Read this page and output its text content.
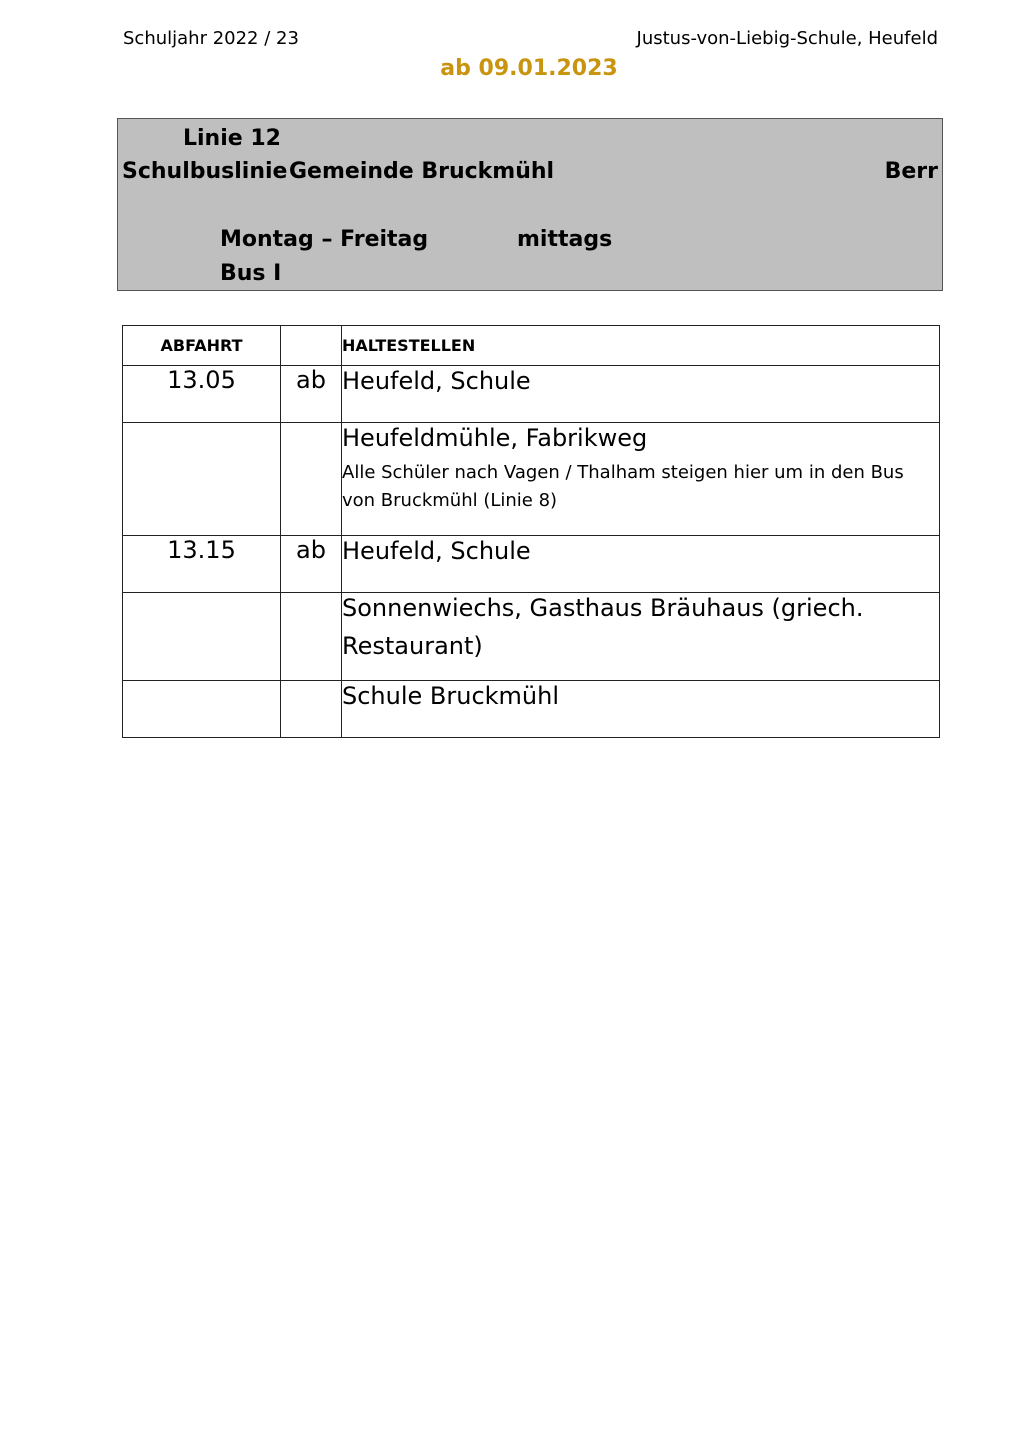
Schuljahr 2022 / 23	Justus-von-Liebig-Schule, Heufeld
ab 09.01.2023
Linie 12
Schulbuslinie Gemeinde Bruckmühl	Berr
Montag – Freitag	mittags
Bus I
ABFAHRT		HALTESTELLEN
13.05	ab	Heufeld, Schule

		Heufeldmühle, Fabrikweg
Alle Schüler nach Vagen / Thalham steigen hier um in den Bus von Bruckmühl (Linie 8)

13.15	ab	Heufeld, Schule

		Sonnenwiechs, Gasthaus Bräuhaus (griech. Restaurant)

		Schule Bruckmühl
